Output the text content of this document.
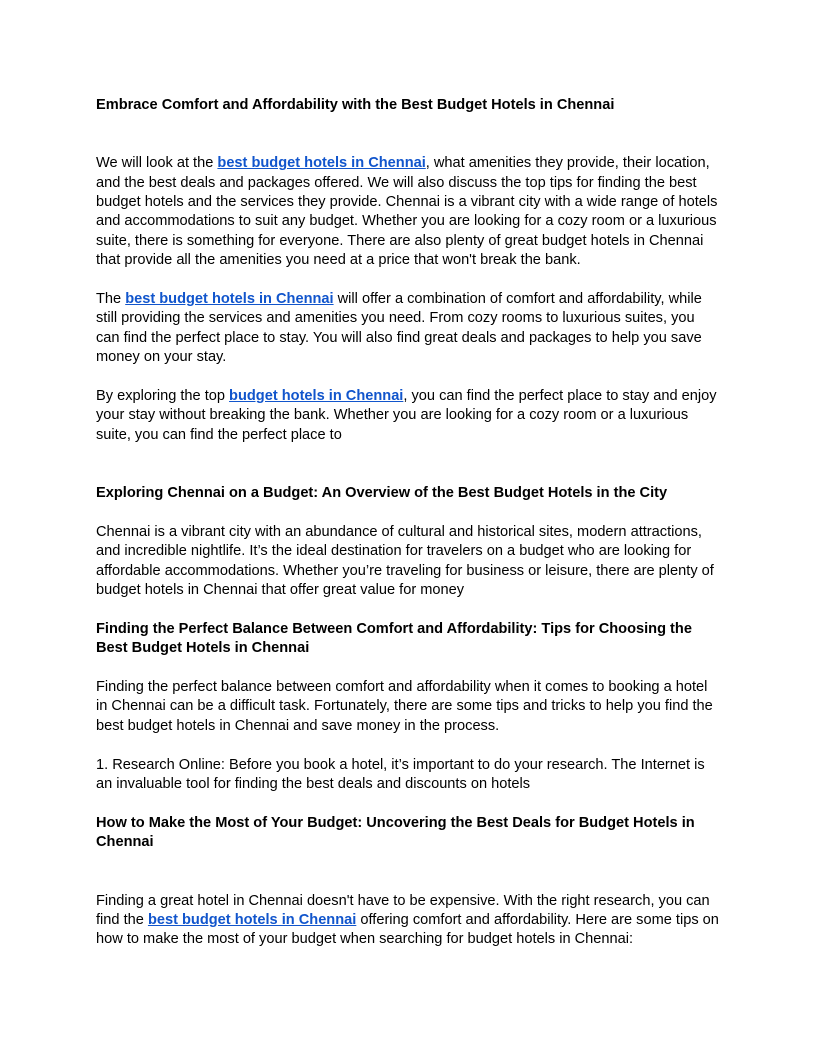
Embrace Comfort and Affordability with the Best Budget Hotels in Chennai

We will look at the best budget hotels in Chennai, what amenities they provide, their location, and the best deals and packages offered. We will also discuss the top tips for finding the best budget hotels and the services they provide. Chennai is a vibrant city with a wide range of hotels and accommodations to suit any budget. Whether you are looking for a cozy room or a luxurious suite, there is something for everyone. There are also plenty of great budget hotels in Chennai that provide all the amenities you need at a price that won't break the bank.

The best budget hotels in Chennai will offer a combination of comfort and affordability, while still providing the services and amenities you need. From cozy rooms to luxurious suites, you can find the perfect place to stay. You will also find great deals and packages to help you save money on your stay.

By exploring the top budget hotels in Chennai, you can find the perfect place to stay and enjoy your stay without breaking the bank. Whether you are looking for a cozy room or a luxurious suite, you can find the perfect place to

Exploring Chennai on a Budget: An Overview of the Best Budget Hotels in the City

Chennai is a vibrant city with an abundance of cultural and historical sites, modern attractions, and incredible nightlife. It’s the ideal destination for travelers on a budget who are looking for affordable accommodations. Whether you’re traveling for business or leisure, there are plenty of budget hotels in Chennai that offer great value for money

Finding the Perfect Balance Between Comfort and Affordability: Tips for Choosing the Best Budget Hotels in Chennai

Finding the perfect balance between comfort and affordability when it comes to booking a hotel in Chennai can be a difficult task. Fortunately, there are some tips and tricks to help you find the best budget hotels in Chennai and save money in the process.

1. Research Online: Before you book a hotel, it’s important to do your research. The Internet is an invaluable tool for finding the best deals and discounts on hotels

How to Make the Most of Your Budget: Uncovering the Best Deals for Budget Hotels in Chennai

Finding a great hotel in Chennai doesn't have to be expensive. With the right research, you can find the best budget hotels in Chennai offering comfort and affordability. Here are some tips on how to make the most of your budget when searching for budget hotels in Chennai:
